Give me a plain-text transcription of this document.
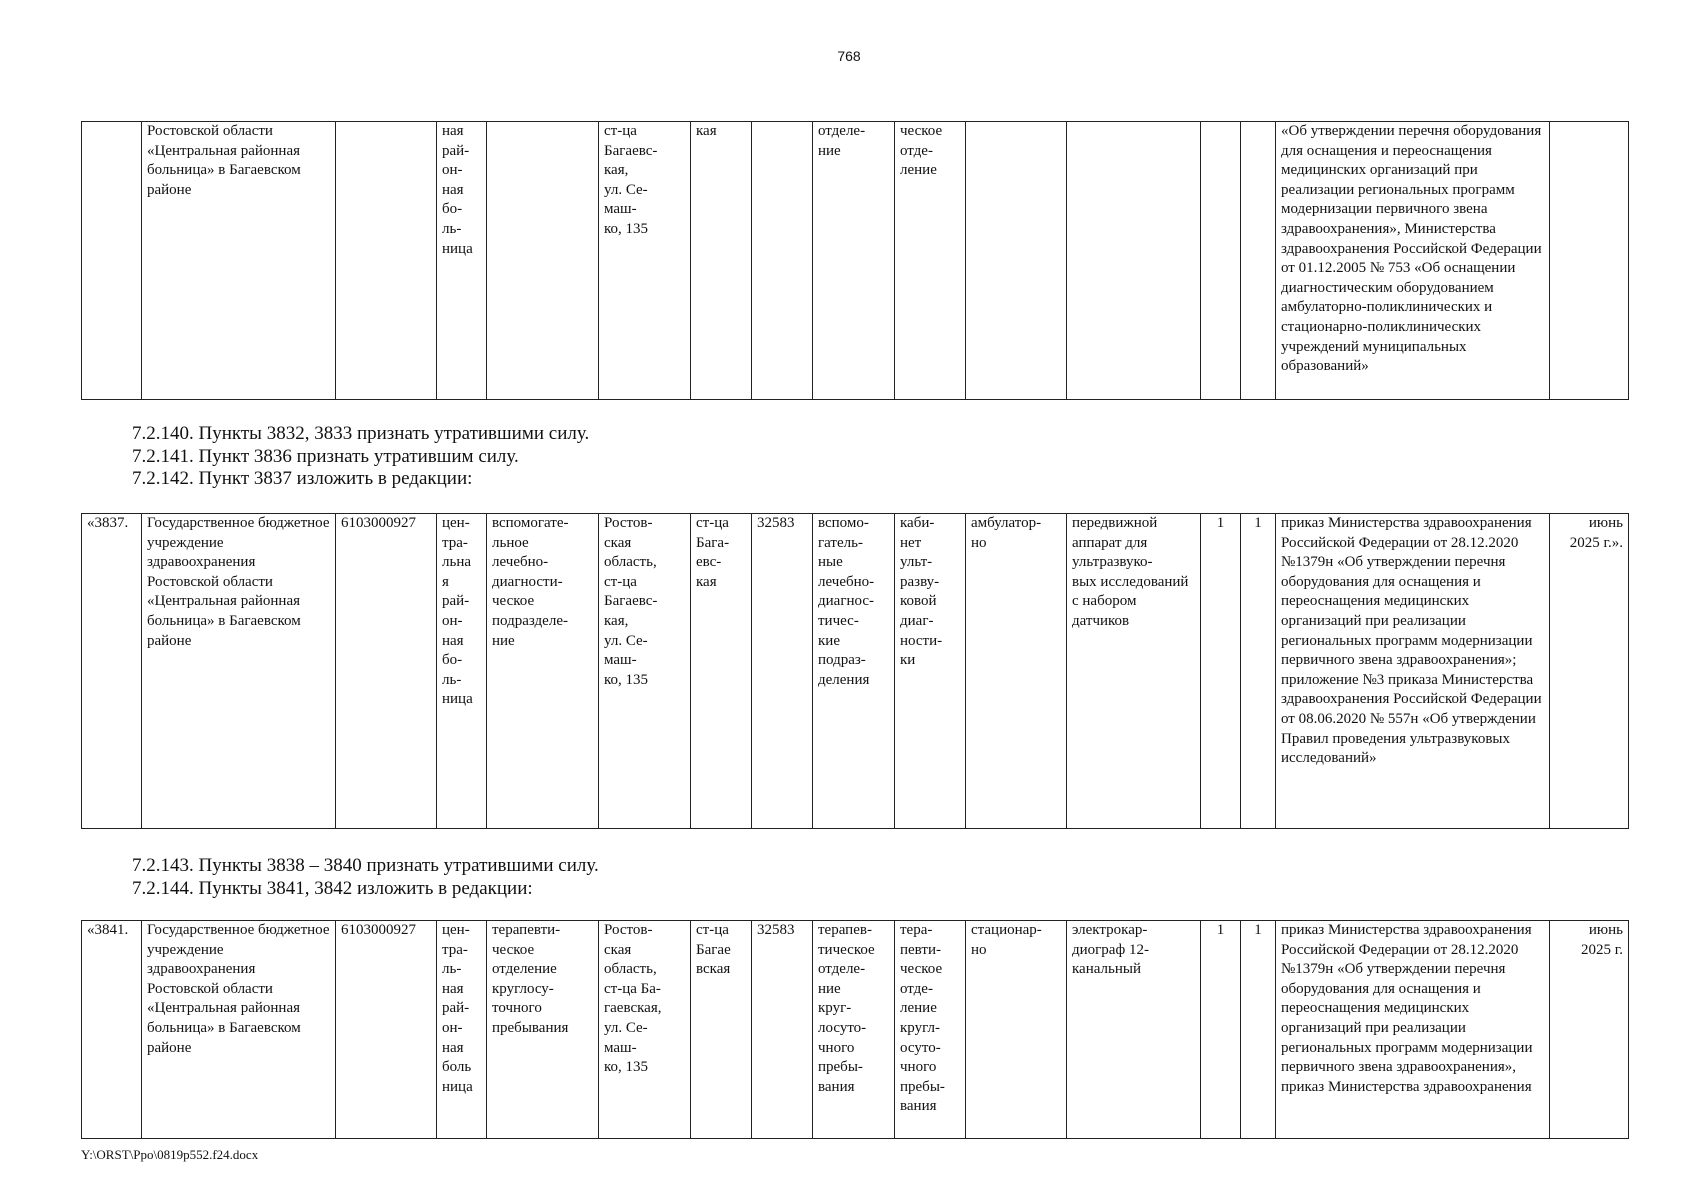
768
	Ростовской области «Центральная районная больница» в Багаевском районе		ная
рай-
он-
ная
бо-
ль-
ница		ст-ца
Багаевс-
кая,
ул. Се-
маш-
ко, 135	кая		отделе-
ние	ческое
отде-
ление					«Об утверждении перечня оборудования для оснащения и переоснащения медицинских организаций при реализации региональных программ модернизации первичного звена здравоохранения», Министерства здравоохранения Российской Федерации от 01.12.2005 № 753 «Об оснащении диагностическим оборудованием амбулаторно-поликлинических и стационарно-поликлинических учреждений муниципальных образований»	
7.2.140. Пункты 3832, 3833 признать утратившими силу.
7.2.141. Пункт 3836 признать утратившим силу.
7.2.142. Пункт 3837 изложить в редакции:
«3837.	Государственное бюджетное учреждение здравоохранения Ростовской области «Центральная районная больница» в Багаевском районе	6103000927	цен-
тра-
льна
я
рай-
он-
ная
бо-
ль-
ница	вспомогате-
льное
лечебно-
диагности-
ческое
подразделе-
ние	Ростов-
ская
область,
ст-ца
Багаевс-
кая,
ул. Се-
маш-
ко, 135	ст-ца
Бага-
евс-
кая	32583	вспомо-
гатель-
ные
лечебно-
диагнос-
тичес-
кие
подраз-
деления	каби-
нет
ульт-
разву-
ковой
диаг-
ности-
ки	амбулатор-
но	передвижной аппарат для ультразвуко-
вых исследований с набором датчиков	1	1	приказ Министерства здравоохранения Российской Федерации от 28.12.2020 №1379н «Об утверждении перечня оборудования для оснащения и переоснащения медицинских организаций при реализации региональных программ модернизации первичного звена здравоохранения»; приложение №3 приказа Министерства здравоохранения Российской Федерации от 08.06.2020 № 557н «Об утверждении Правил проведения ультразвуковых исследований»	июнь
2025 г.».
7.2.143. Пункты 3838 – 3840 признать утратившими силу.
7.2.144. Пункты 3841, 3842 изложить в редакции:
«3841.	Государственное бюджетное учреждение здравоохранения Ростовской области «Центральная районная больница» в Багаевском районе	6103000927	цен-
тра-
ль-
ная
рай-
он-
ная
боль
ница	терапевти-
ческое
отделение
круглосу-
точного
пребывания	Ростов-
ская
область,
ст-ца Ба-
гаевская,
ул. Се-
маш-
ко, 135	ст-ца
Багае
вская	32583	терапев-
тическое
отделе-
ние
круг-
лосуто-
чного
пребы-
вания	тера-
певти-
ческое
отде-
ление
кругл-
осуто-
чного
пребы-
вания	стационар-
но	электрокар-
диограф 12-
канальный	1	1	приказ Министерства здравоохранения Российской Федерации от 28.12.2020 №1379н «Об утверждении перечня оборудования для оснащения и переоснащения медицинских организаций при реализации региональных программ модернизации первичного звена здравоохранения», приказ Министерства здравоохранения	июнь
2025 г.
Y:\ORST\Ppo\0819p552.f24.docx
